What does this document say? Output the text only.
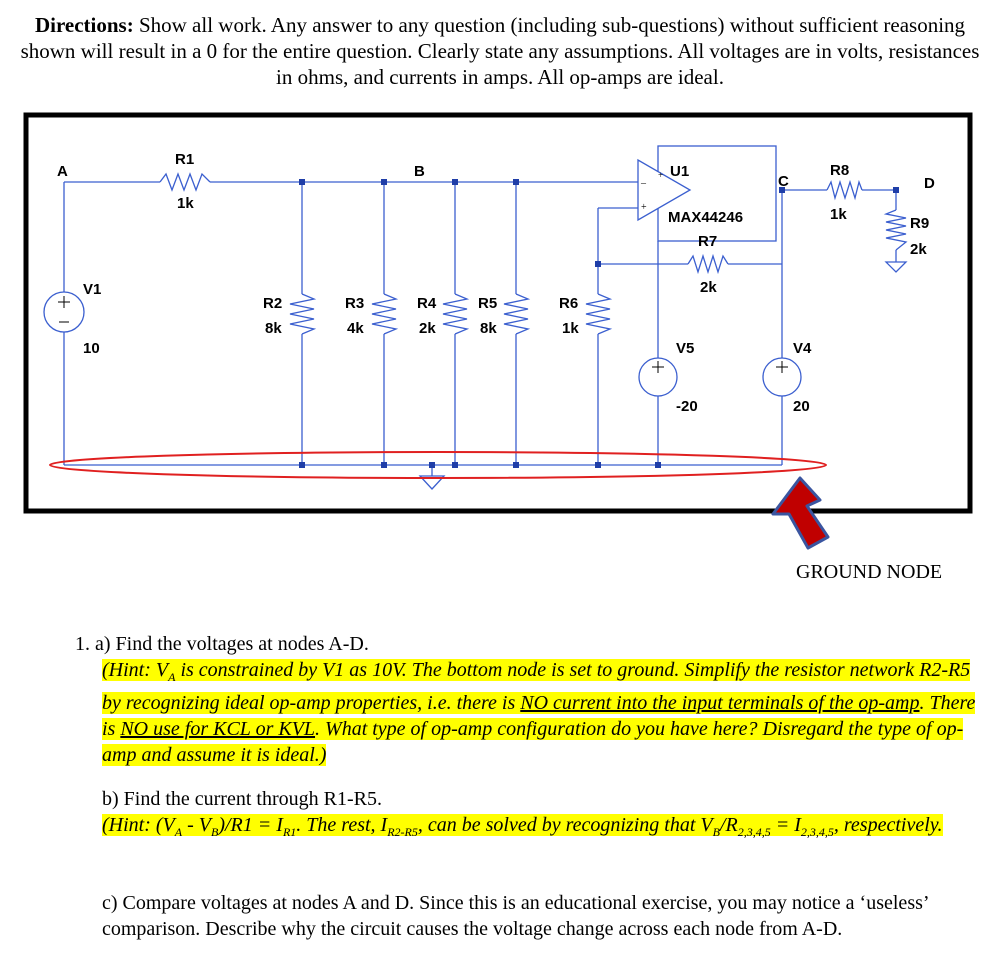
Directions: Show all work. Any answer to any question (including sub-questions) without sufficient reasoning shown will result in a 0 for the entire question. Clearly state any assumptions. All voltages are in volts, resistances in ohms, and currents in amps. All op-amps are ideal.
–
+
+
A	B
C	D
R1
1k
R2
8k
R3
4k
R4
2k
R5
8k
R6
1k
R7
2k
R8
1k
R9
2k
V1
10	V5
-20
V4
20
U1
MAX44246
GROUND NODE
1. a) Find the voltages at nodes A-D.
(Hint: $V_A$ is constrained by V1 as 10V. The bottom node is set to ground. Simplify the resistor network R2-R5 by recognizing ideal op-amp properties, i.e. there is NO current into the input terminals of the op-amp. There is NO use for KCL or KVL. What type of op-amp configuration do you have here? Disregard the type of op-amp and assume it is ideal.)
b) Find the current through R1-R5.
(Hint: $(V_A - V_B)/R1 = I_{R1}$. The rest, $I_{R2-R5}$, can be solved by recognizing that $V_B/R_{2,3,4,5} = I_{2,3,4,5}$, respectively.
c) Compare voltages at nodes A and D. Since this is an educational exercise, you may notice a ‘useless’ comparison. Describe why the circuit causes the voltage change across each node from A-D.
